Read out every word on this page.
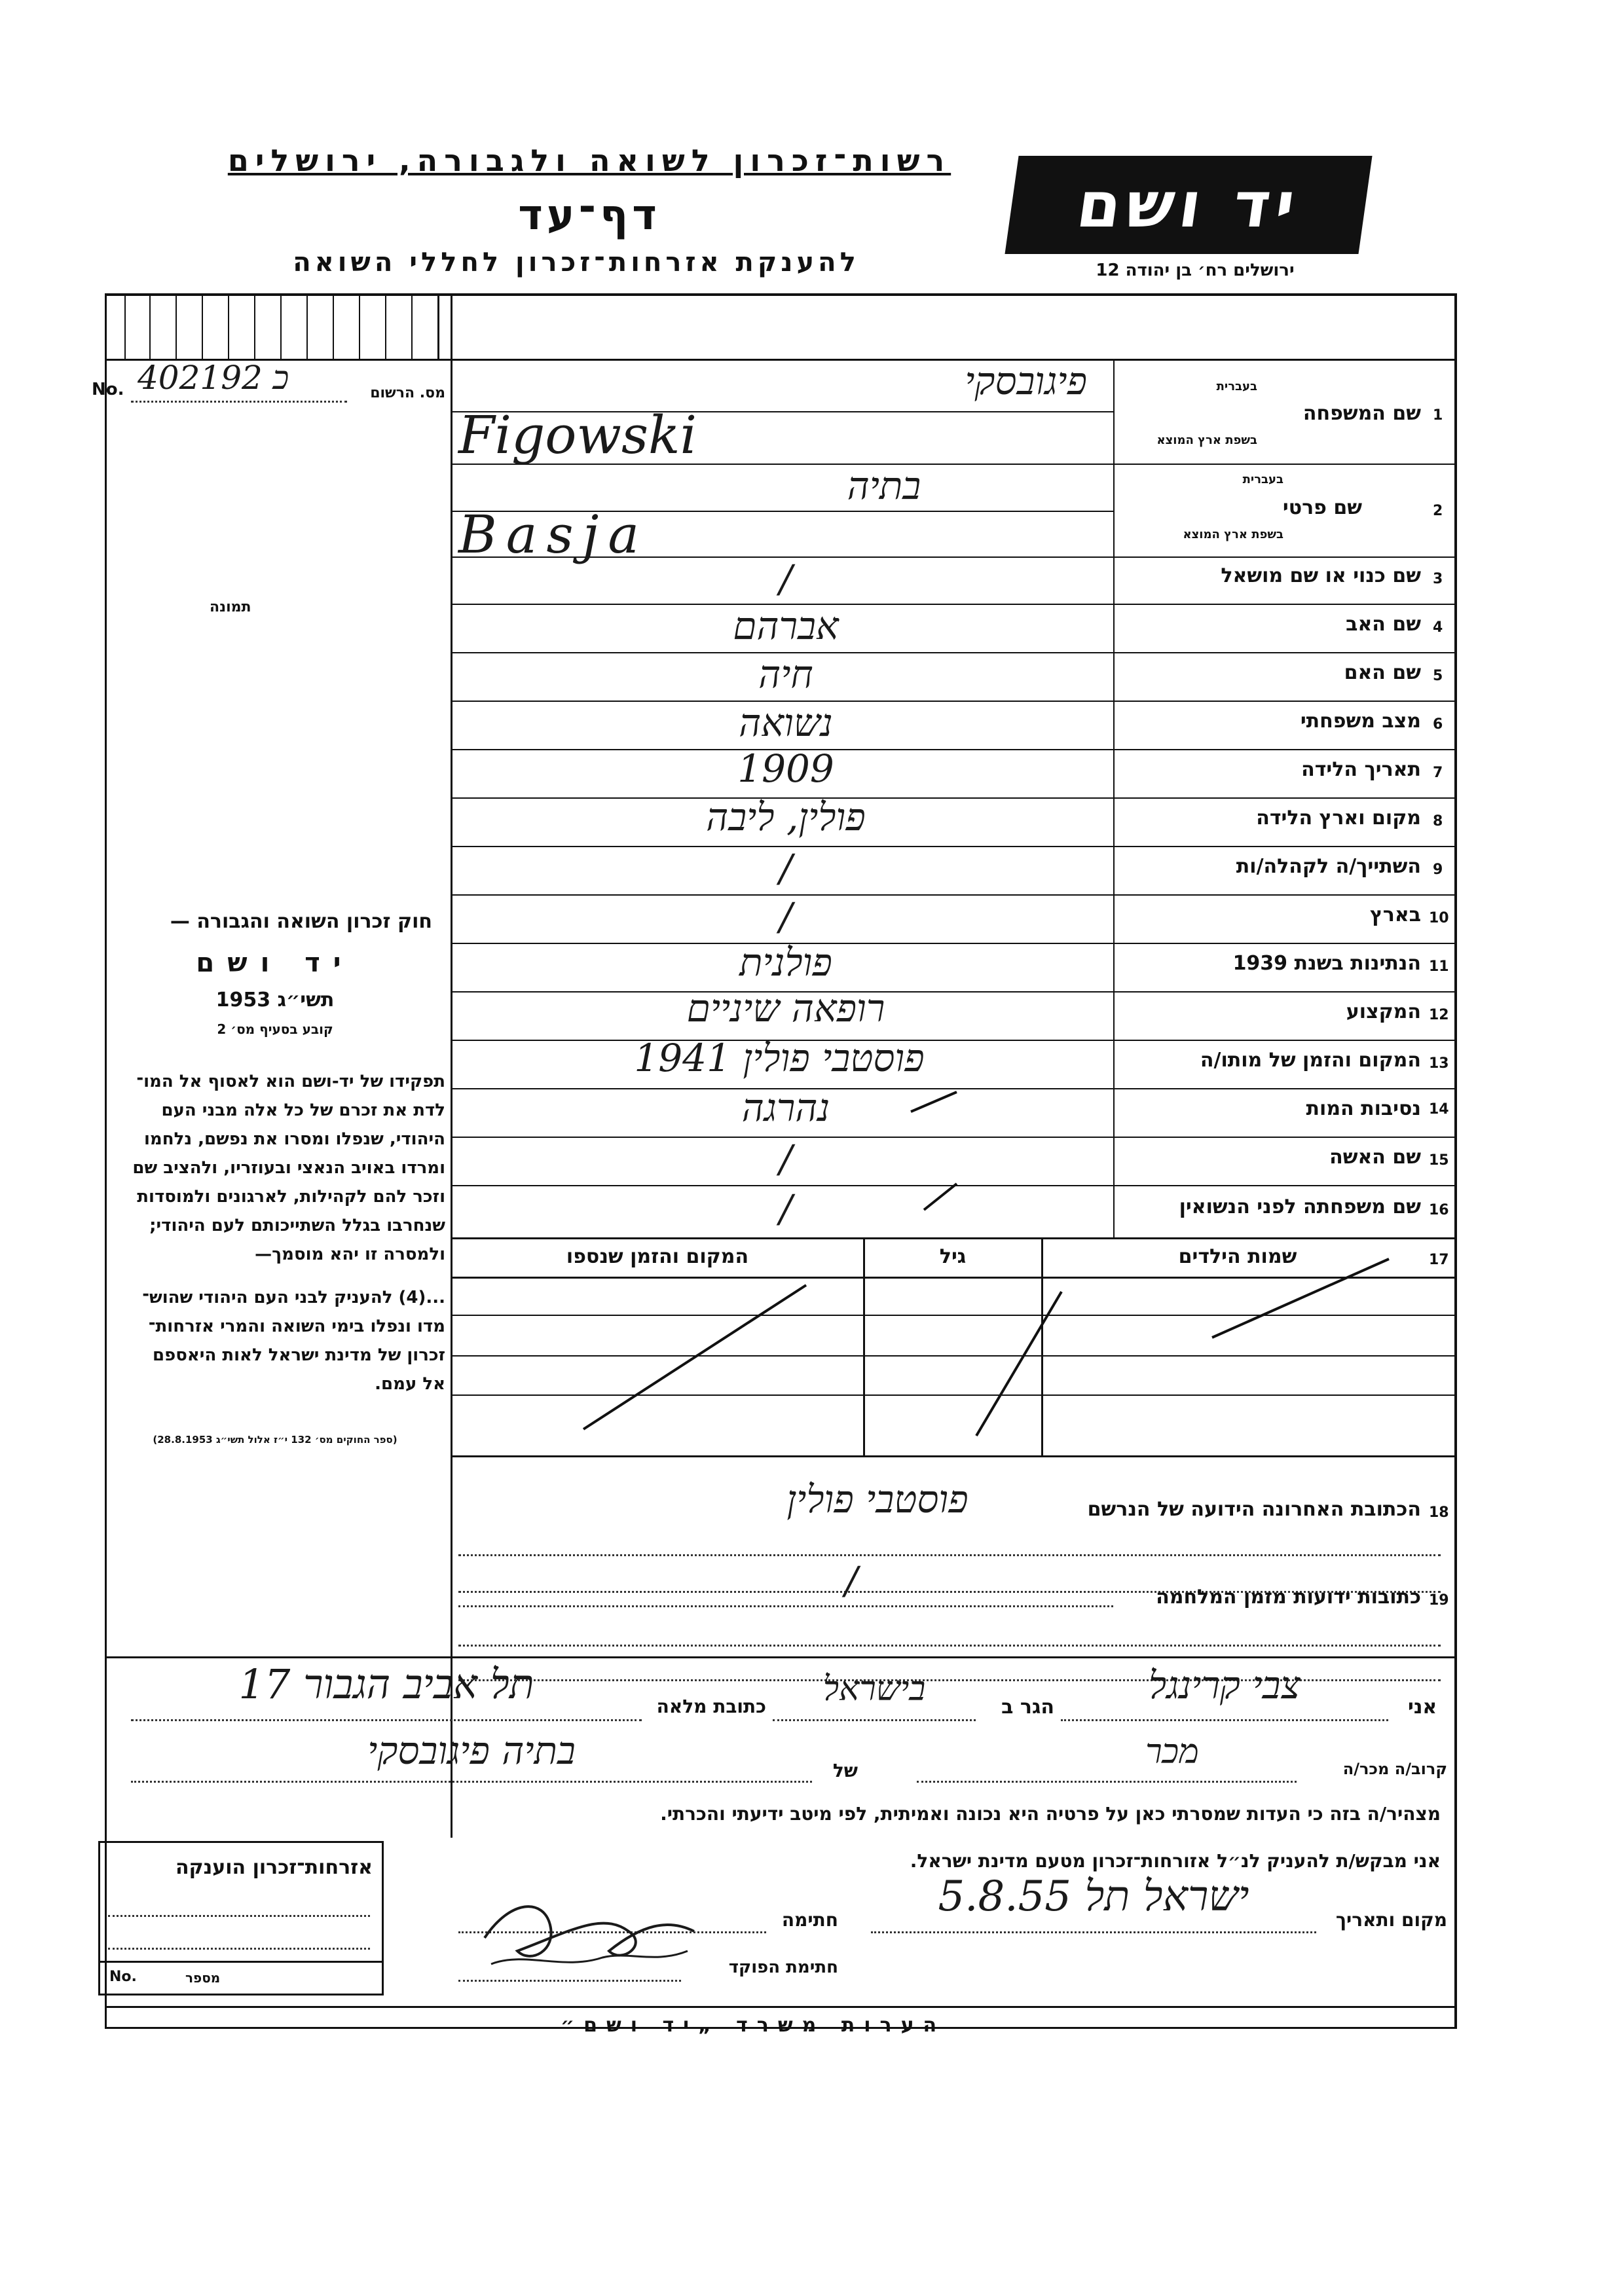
רשות־זכרון לשואה ולגבורה, ירושלים
דף־עד
להענקת אזרחות־זכרון לחללי השואה
יד ושם
ירושלים רח׳ בן יהודה 12
No. 402192 כ	מס. הרשום
תמונה
1
שם המשפחה
בעברית
בשפת ארץ המוצא
פיגובסקי
Figowski
2
שם פרטי
בעברית
בשפת ארץ המוצא
בתיה
Basja
3
שם כנוי או שם מושאל
/
4
שם האב
אברהם
5
שם האם
חיה
6
מצב משפחתי
נשואה
7
תאריך הלידה
1909
8
מקום וארץ הלידה
פולין, ליבה
9
השתייך/ה לקהלה/ות
/
10
בארץ
/
11
הנתינות בשנת 1939
פולנית
12
המקצוע
רופאה שיניים
13
המקום והזמן של מותו/ה
פוסטבי פולין 1941
14
נסיבות המות
נהרגה
15
שם האשה
/
16
שם משפחתה לפני הנשואין
/
17
שמות הילדים
גיל
המקום והזמן שנספו
18
הכתובת האחרונה הידועה של הנרשם
פוסטבי פולין
19
כתובות ידועות מזמן המלחמה
/
חוק זכרון השואה והגבורה —
יד ושם
תשי״ג 1953
קובע בסעיף מס׳ 2
תפקידו של יד-ושם הוא לאסוף אל המו־
לדת את זכרם של כל אלה מבני העם
היהודי, שנפלו ומסרו את נפשם, נלחמו
ומרדו באויב הנאצי ובעוזריו, ולהציב שם
וזכר להם לקהילות, לארגונים ולמוסדות
שנחרבו בגלל השתייכותם לעם היהודי;
ולמסרה זו יהא מוסמך—
...(4) להעניק לבני העם היהודי שהוש־
מדו ונפלו בימי השואה והמרי אזרחות־
זכרון של מדינת ישראל לאות היאספם
אל עמם.
(ספר החוקים מס׳ 132 י״ז אלול תשי״ג 28.8.1953)
אני
צבי קרינגל
הגר ב
בישראל
כתובת מלאה
תל אביב הגבור 17
קרוב/ה מכר/ה
מכר
של
בתיה פיגובסקי
מצהיר/ה בזה כי העדות שמסרתי כאן על פרטיה היא נכונה ואמיתית, לפי מיטב ידיעתי והכרתי.
אני מבקש/ת להעניק לנ״ל אזורחות־זכרון מטעם מדינת ישראל.
מקום ותאריך
ישראל תל 5.8.55
חתימה
חתימת הפוקד
אזרחות־זכרון הוענקה
No.	מספר
הערות משרד „יד ושם״
